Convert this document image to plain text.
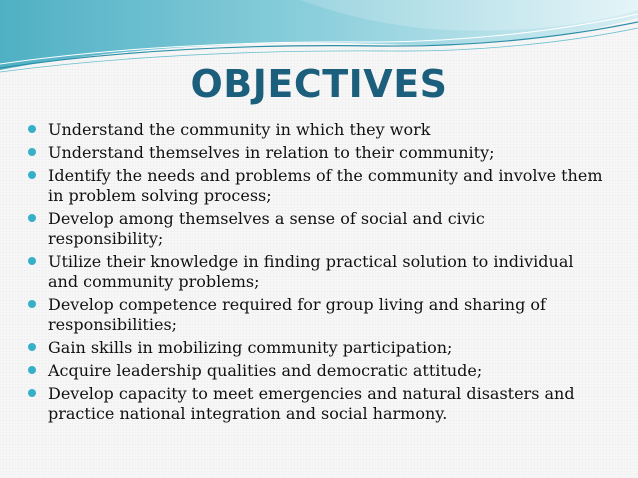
OBJECTIVES
Understand the community in which they work
Understand themselves in relation to their community;
Identify the needs and problems of the community and involve them in problem solving process;
Develop among themselves a sense of social and civic responsibility;
Utilize their knowledge in finding practical solution to individual and community problems;
Develop competence required for group living and sharing of responsibilities;
Gain skills in mobilizing community participation;
Acquire leadership qualities and democratic attitude;
Develop capacity to meet emergencies and natural disasters and practice national integration and social harmony.
